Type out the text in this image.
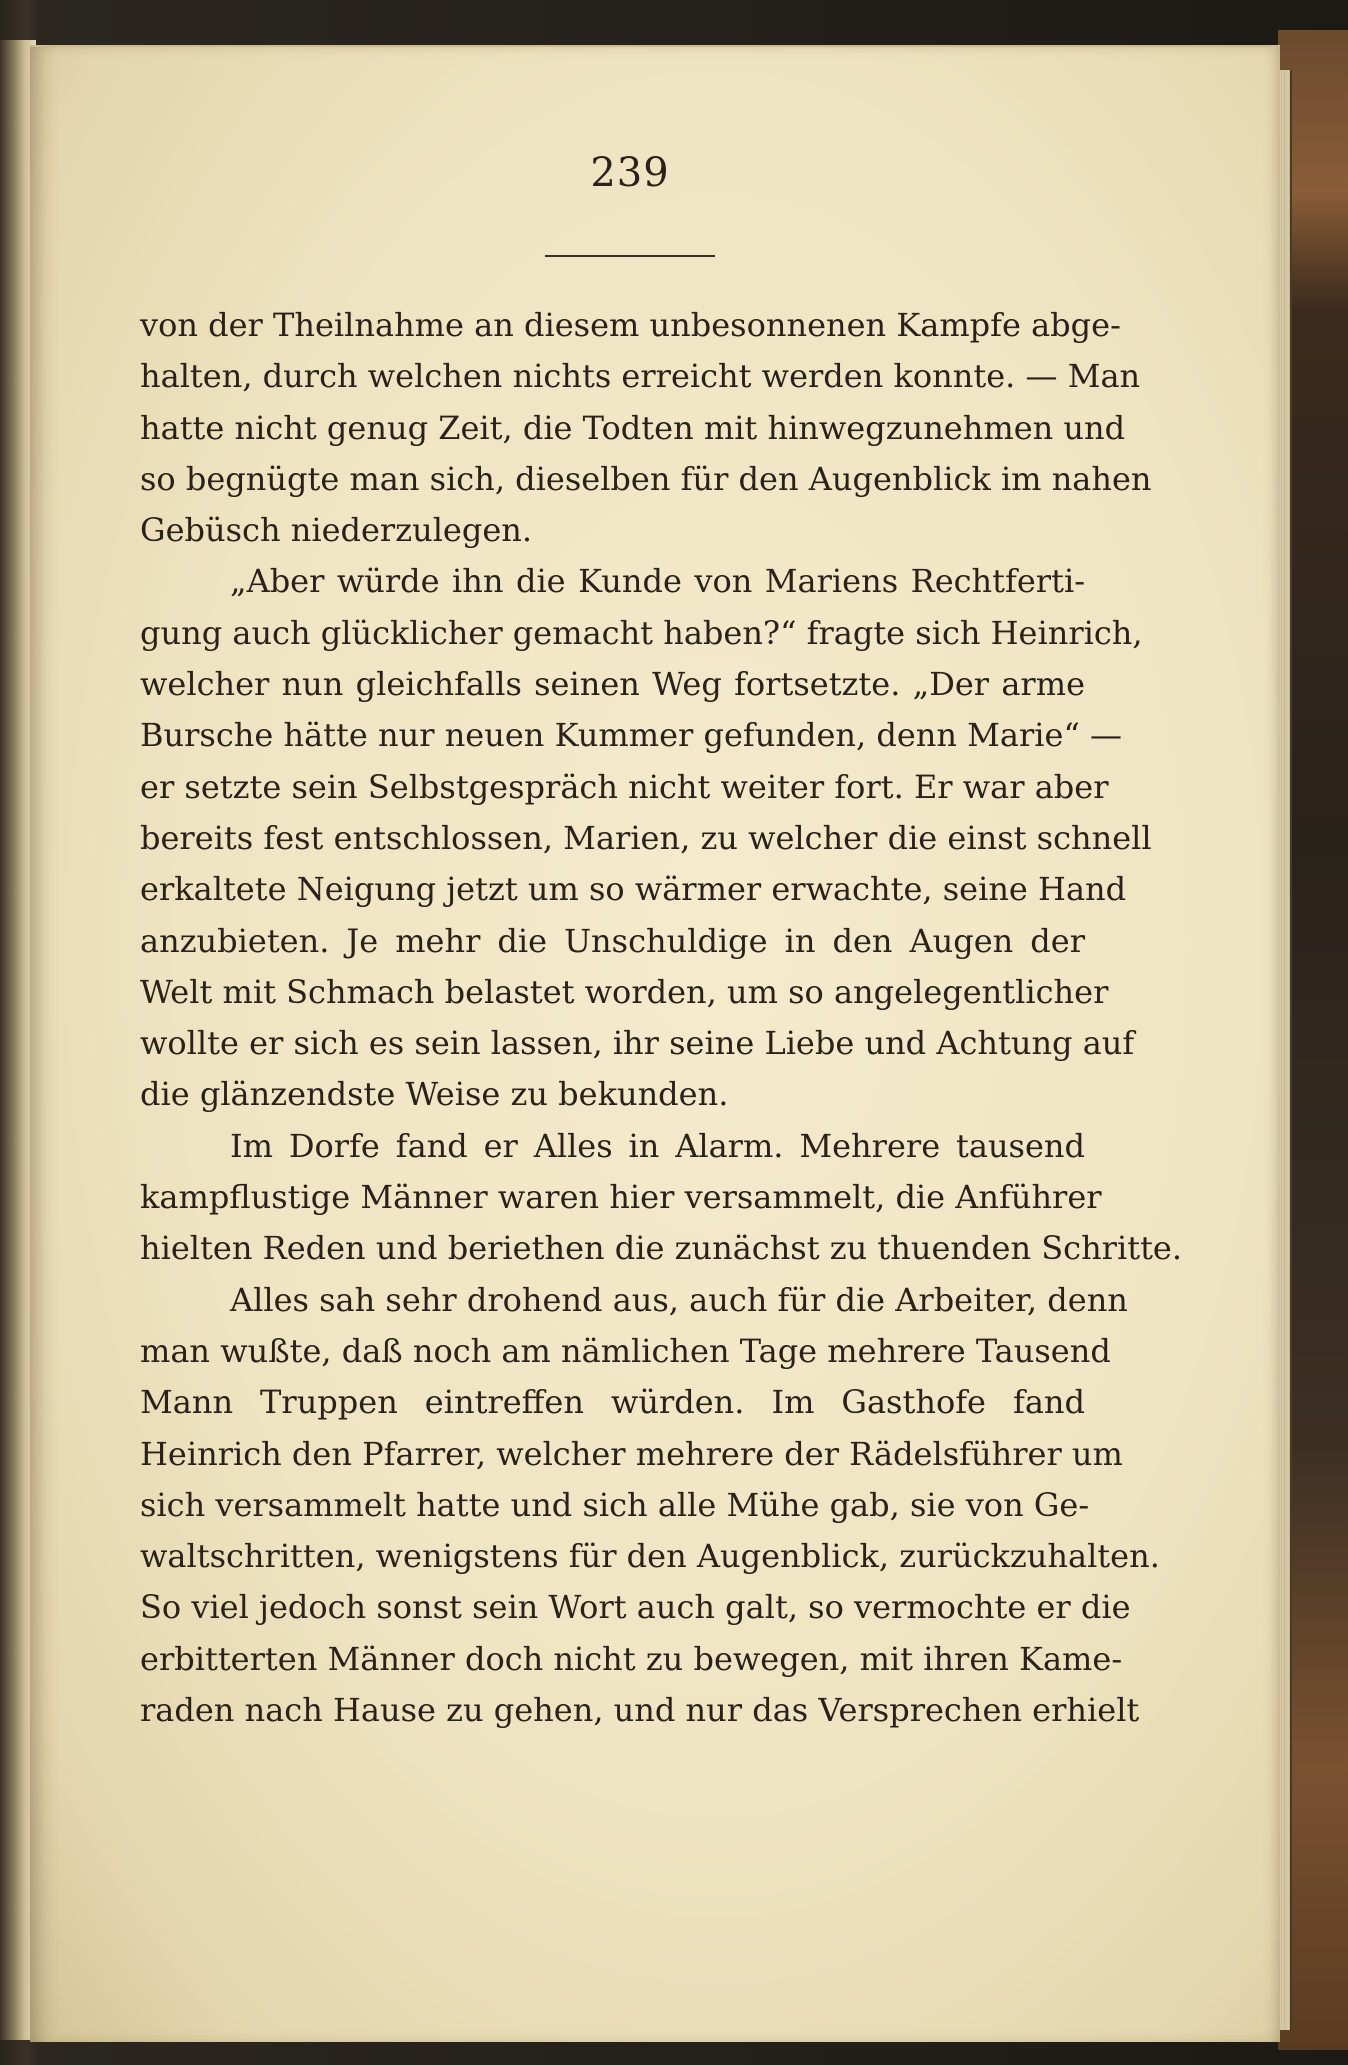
239
von der Theilnahme an diesem unbesonnenen Kampfe abge-
halten, durch welchen nichts erreicht werden konnte. — Man
hatte nicht genug Zeit, die Todten mit hinwegzunehmen und
so begnügte man sich, dieselben für den Augenblick im nahen
Gebüsch niederzulegen.
„Aber würde ihn die Kunde von Mariens Rechtferti-
gung auch glücklicher gemacht haben?“ fragte sich Heinrich,
welcher nun gleichfalls seinen Weg fortsetzte. „Der arme
Bursche hätte nur neuen Kummer gefunden, denn Marie“ —
er setzte sein Selbstgespräch nicht weiter fort. Er war aber
bereits fest entschlossen, Marien, zu welcher die einst schnell
erkaltete Neigung jetzt um so wärmer erwachte, seine Hand
anzubieten. Je mehr die Unschuldige in den Augen der
Welt mit Schmach belastet worden, um so angelegentlicher
wollte er sich es sein lassen, ihr seine Liebe und Achtung auf
die glänzendste Weise zu bekunden.
Im Dorfe fand er Alles in Alarm. Mehrere tausend
kampflustige Männer waren hier versammelt, die Anführer
hielten Reden und beriethen die zunächst zu thuenden Schritte.
Alles sah sehr drohend aus, auch für die Arbeiter, denn
man wußte, daß noch am nämlichen Tage mehrere Tausend
Mann Truppen eintreffen würden. Im Gasthofe fand
Heinrich den Pfarrer, welcher mehrere der Rädelsführer um
sich versammelt hatte und sich alle Mühe gab, sie von Ge-
waltschritten, wenigstens für den Augenblick, zurückzuhalten.
So viel jedoch sonst sein Wort auch galt, so vermochte er die
erbitterten Männer doch nicht zu bewegen, mit ihren Kame-
raden nach Hause zu gehen, und nur das Versprechen erhielt
